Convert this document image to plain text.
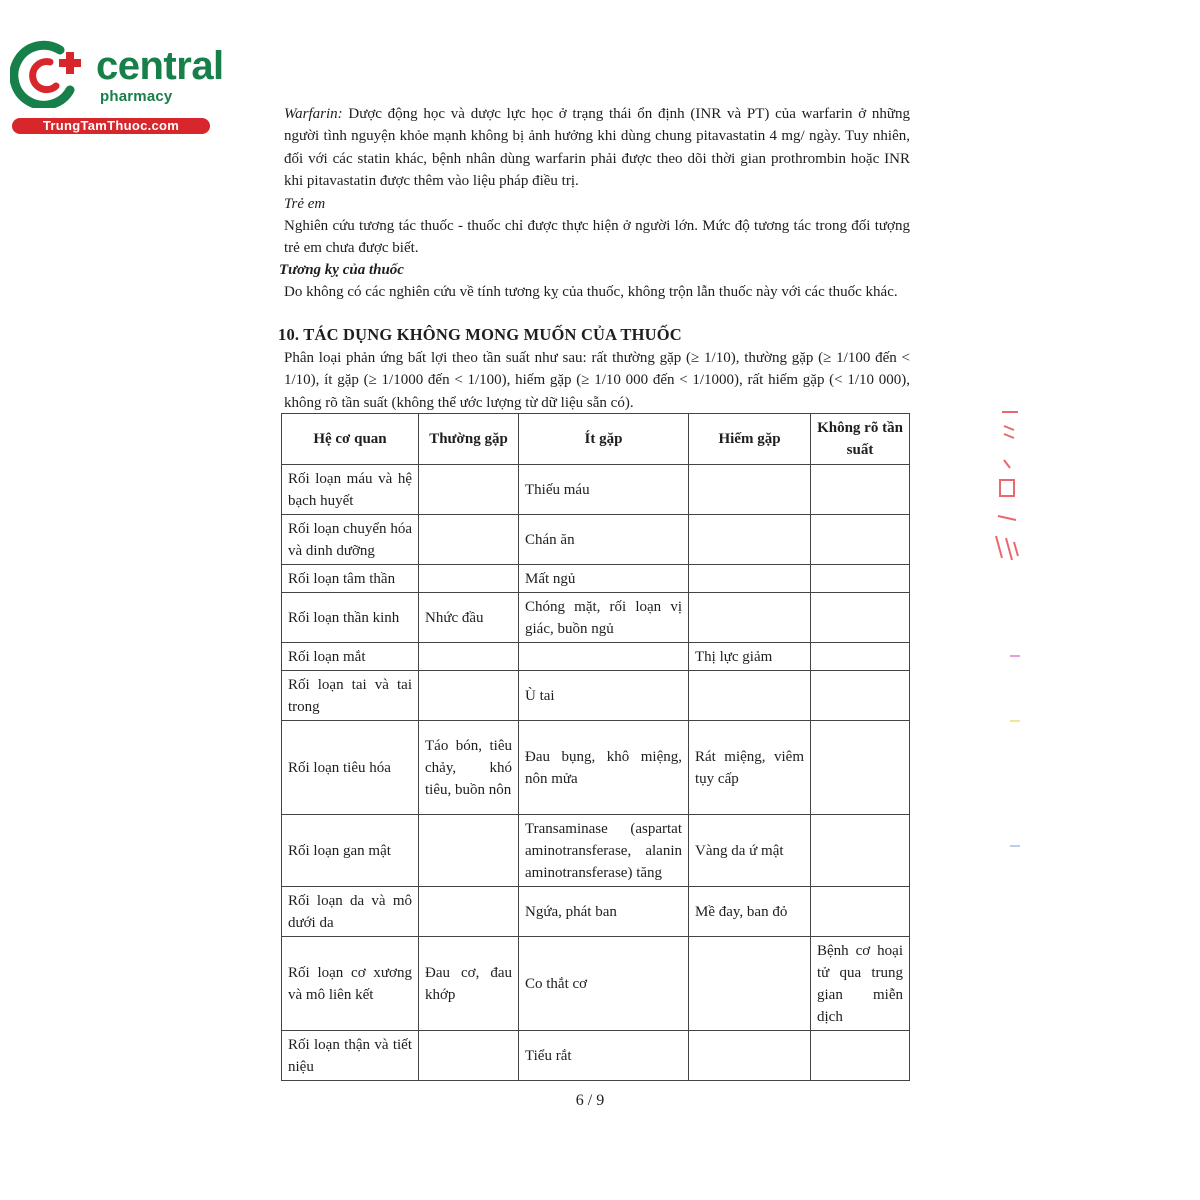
central
pharmacy
TrungTamThuoc.com
Warfarin: Dược động học và dược lực học ở trạng thái ổn định (INR và PT) của warfarin ở những người tình nguyện khỏe mạnh không bị ảnh hưởng khi dùng chung pitavastatin 4 mg/ ngày. Tuy nhiên, đối với các statin khác, bệnh nhân dùng warfarin phải được theo dõi thời gian prothrombin hoặc INR khi pitavastatin được thêm vào liệu pháp điều trị.
Trẻ em
Nghiên cứu tương tác thuốc - thuốc chỉ được thực hiện ở người lớn. Mức độ tương tác trong đối tượng trẻ em chưa được biết.
Tương kỵ của thuốc
Do không có các nghiên cứu về tính tương kỵ của thuốc, không trộn lẫn thuốc này với các thuốc khác.
10. TÁC DỤNG KHÔNG MONG MUỐN CỦA THUỐC
Phân loại phản ứng bất lợi theo tần suất như sau: rất thường gặp (≥ 1/10), thường gặp (≥ 1/100 đến < 1/10), ít gặp (≥ 1/1000 đến < 1/100), hiếm gặp (≥ 1/10 000 đến < 1/1000), rất hiếm gặp (< 1/10 000), không rõ tần suất (không thể ước lượng từ dữ liệu sẵn có).
Hệ cơ quan	Thường gặp	Ít gặp	Hiếm gặp	Không rõ tần suất
Rối loạn máu và hệ bạch huyết		Thiếu máu		
Rối loạn chuyển hóa và dinh dưỡng		Chán ăn		
Rối loạn tâm thần		Mất ngủ		
Rối loạn thần kinh	Nhức đầu	Chóng mặt, rối loạn vị giác, buồn ngủ		
Rối loạn mắt			Thị lực giảm	
Rối loạn tai và tai trong		Ù tai		
Rối loạn tiêu hóa	Táo bón, tiêu chảy, khó tiêu, buồn nôn	Đau bụng, khô miệng, nôn mửa	Rát miệng, viêm tụy cấp	
Rối loạn gan mật		Transaminase (aspartat aminotransferase, alanin aminotransferase) tăng	Vàng da ứ mật	
Rối loạn da và mô dưới da		Ngứa, phát ban	Mề đay, ban đỏ	
Rối loạn cơ xương và mô liên kết	Đau cơ, đau khớp	Co thắt cơ		Bệnh cơ hoại tử qua trung gian miễn dịch
Rối loạn thận và tiết niệu		Tiểu rắt		
6 / 9
